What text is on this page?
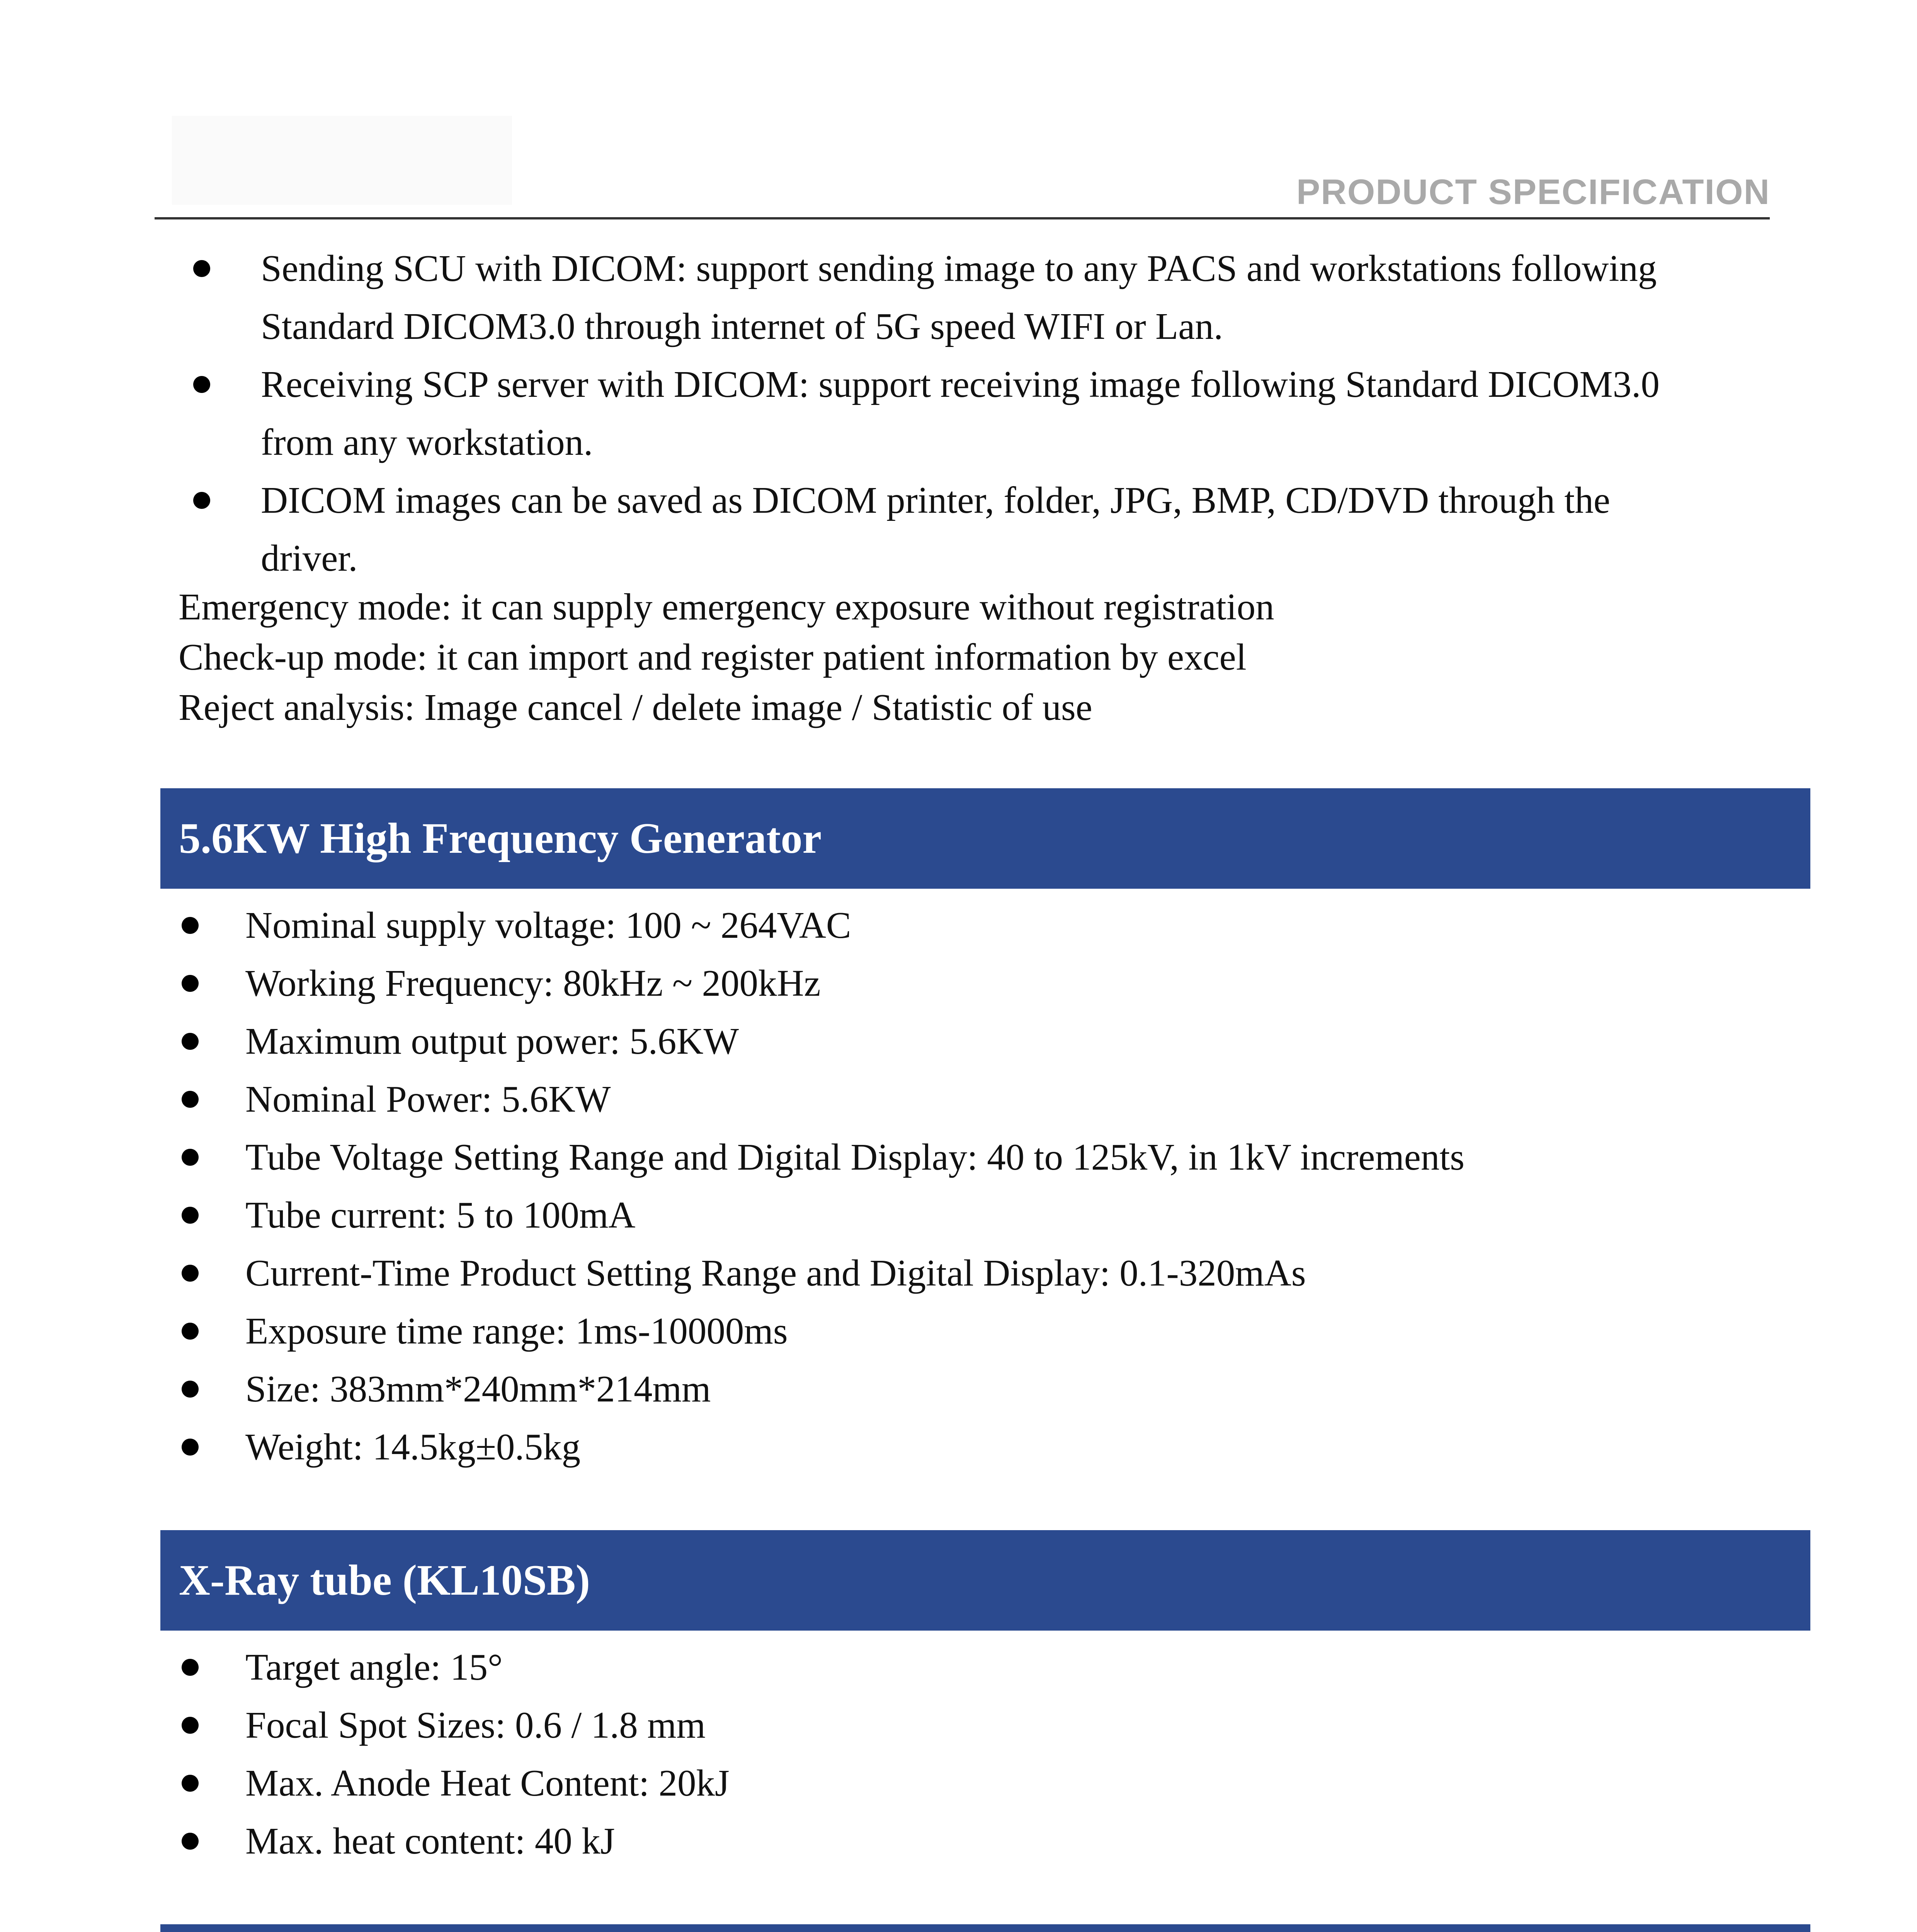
PRODUCT SPECIFICATION
Sending SCU with DICOM: support sending image to any PACS and workstations following
Standard DICOM3.0 through internet of 5G speed WIFI or Lan.
Receiving SCP server with DICOM: support receiving image following Standard DICOM3.0
from any workstation.
DICOM images can be saved as DICOM printer, folder, JPG, BMP, CD/DVD through the
driver.

Emergency mode: it can supply emergency exposure without registration

Check-up mode: it can import and register patient information by excel

Reject analysis: Image cancel / delete image / Statistic of use

5.6KW High Frequency Generator
Nominal supply voltage: 100 ~ 264VAC
Working Frequency: 80kHz ~ 200kHz
Maximum output power: 5.6KW
Nominal Power: 5.6KW
Tube Voltage Setting Range and Digital Display: 40 to 125kV, in 1kV increments
Tube current: 5 to 100mA
Current-Time Product Setting Range and Digital Display: 0.1-320mAs
Exposure time range: 1ms-10000ms
Size: 383mm*240mm*214mm
Weight: 14.5kg±0.5kg
X-Ray tube (KL10SB)
Target angle: 15°
Focal Spot Sizes: 0.6 / 1.8 mm
Max. Anode Heat Content: 20kJ
Max. heat content: 40 kJ
